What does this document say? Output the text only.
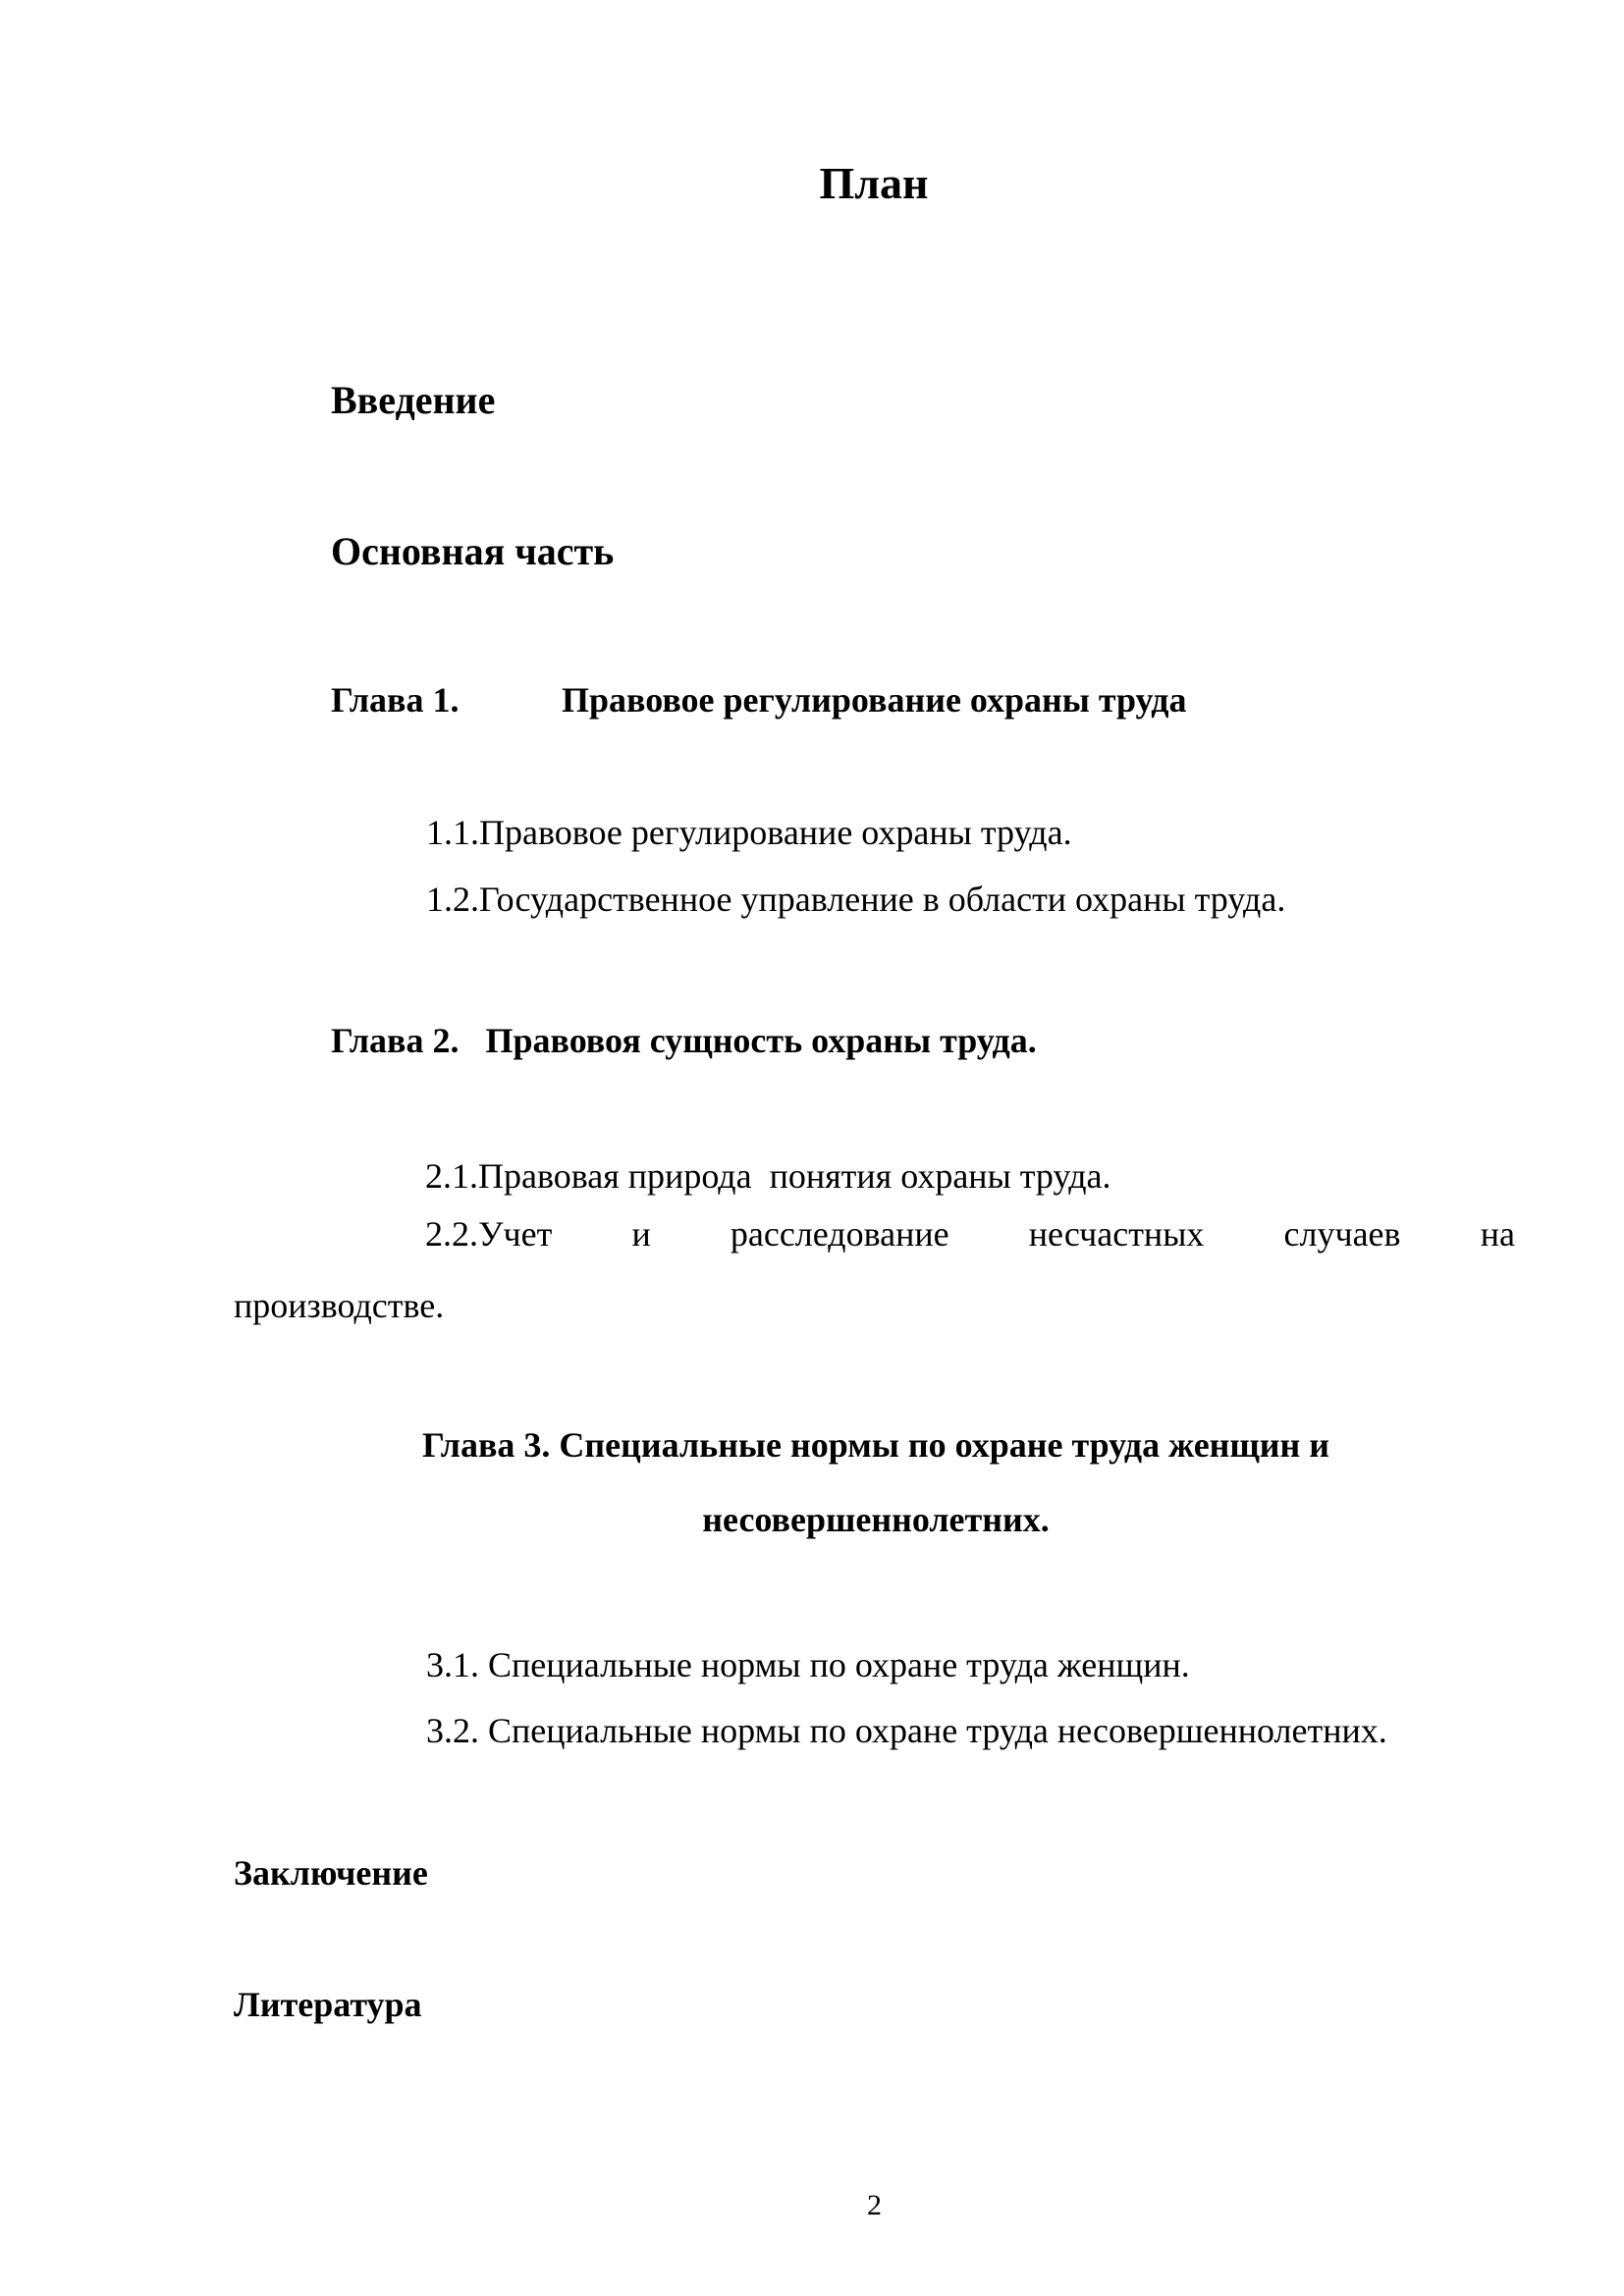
План
Введение
Основная часть
Глава 1.	Правовое регулирование охраны труда
1.1.Правовое регулирование охраны труда.
1.2.Государственное управление в области охраны труда.
Глава 2.   Правовоя сущность охраны труда.
2.1.Правовая природа  понятия охраны труда.
2.2.Учет и расследование несчастных случаев на
производстве.
Глава 3. Специальные нормы по охране труда женщин и
несовершеннолетних.
3.1. Специальные нормы по охране труда женщин.
3.2. Специальные нормы по охране труда несовершеннолетних.
Заключение
Литература
2
